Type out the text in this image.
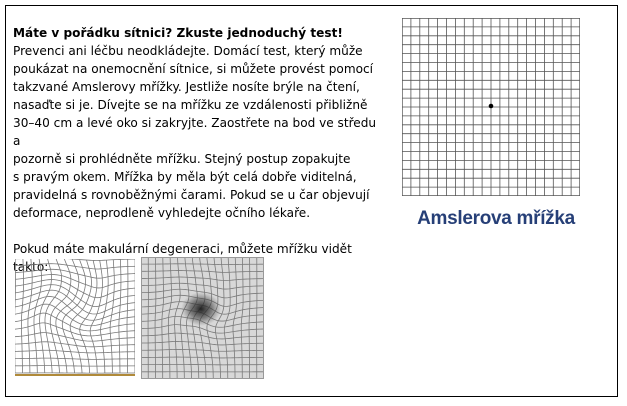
Máte v pořádku sítnici? Zkuste jednoduchý test!

Prevenci ani léčbu neodkládejte. Domácí test, který může

poukázat na onemocnění sítnice, si můžete provést pomocí

takzvané Amslerovy mřížky. Jestliže nosíte brýle na čtení,

nasaďte si je. Dívejte se na mřížku ze vzdálenosti přibližně

30–40 cm a levé oko si zakryjte. Zaostřete na bod ve středu a

pozorně si prohlédněte mřížku. Stejný postup zopakujte

s pravým okem. Mřížka by měla být celá dobře viditelná,

pravidelná s rovnoběžnými čarami. Pokud se u čar objevují

deformace, neprodleně vyhledejte očního lékaře.

Pokud máte makulární degeneraci, můžete mřížku vidět

takto:

Amslerova mřížka
